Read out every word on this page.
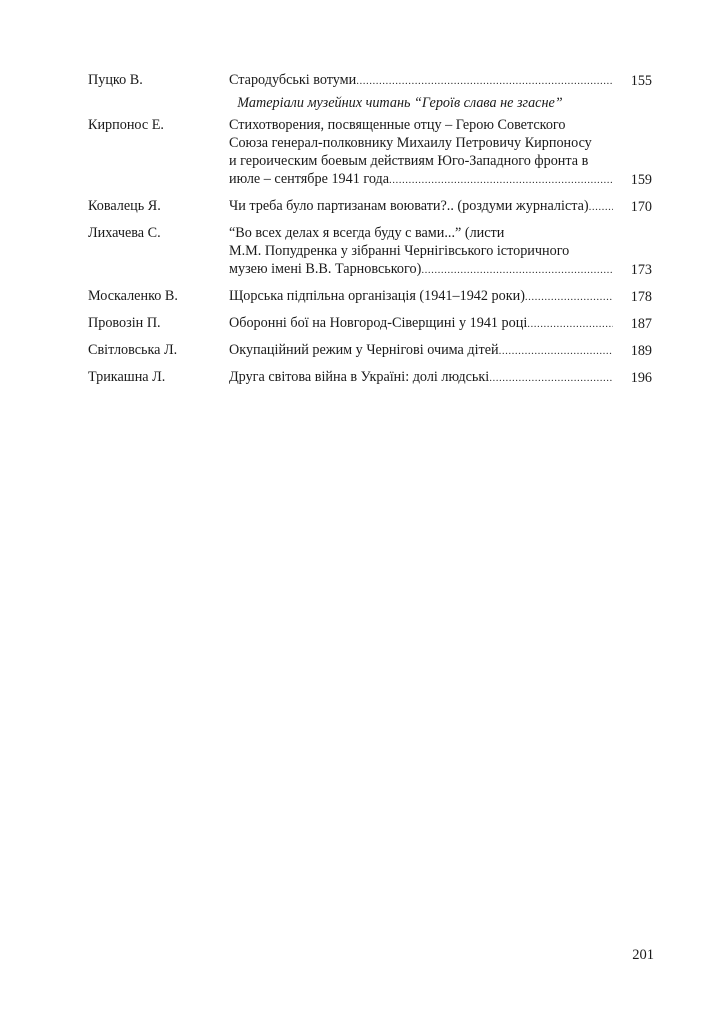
Пуцко В.	Стародубські вотуми .....	155
Матеріали музейних читань “Героїв слава не згасне”
Кирпонос Е.	Стихотворения, посвященные отцу – Герою Советского
Союза генерал-полковнику Михаилу Петровичу Кирпоносу
и героическим боевым действиям Юго-Западного фронта в
июле – сентябре 1941 года .....	159
Ковалець Я.	Чи треба було партизанам воювати?.. (роздуми журналіста) .....	170
Лихачева С.	“Во всех делах я всегда буду с вами...” (листи
М.М. Попудренка у зібранні Чернігівського історичного
музею імені В.В. Тарновського) .....	173
Москаленко В.	Щорська підпільна організація (1941–1942 роки) .....	178
Провозін П.	Оборонні бої на Новгород-Сіверщині у 1941 році .....	187
Світловська Л.	Окупаційний режим у Чернігові очима дітей .....	189
Трикашна Л.	Друга світова війна в Україні: долі людські .....	196
201
